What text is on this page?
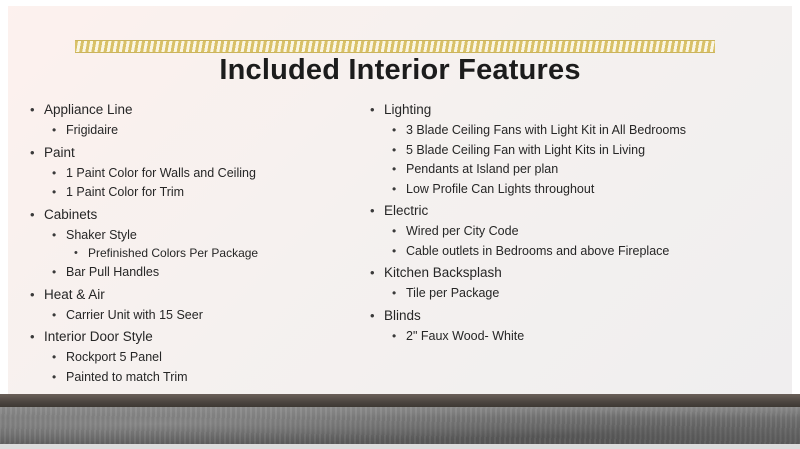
Included Interior Features
• Appliance Line
• Frigidaire
• Paint
• 1 Paint Color for Walls and Ceiling
• 1 Paint Color for Trim
• Cabinets
• Shaker Style
• Prefinished Colors Per Package
• Bar Pull Handles
• Heat & Air
• Carrier Unit with 15 Seer
• Interior Door Style
• Rockport 5 Panel
• Painted to match Trim
• Lighting
• 3 Blade Ceiling Fans with Light Kit in All Bedrooms
• 5 Blade Ceiling Fan with Light Kits in Living
• Pendants at Island per plan
• Low Profile Can Lights throughout
• Electric
• Wired per City Code
• Cable outlets in Bedrooms and above Fireplace
• Kitchen Backsplash
• Tile per Package
• Blinds
• 2" Faux Wood- White
